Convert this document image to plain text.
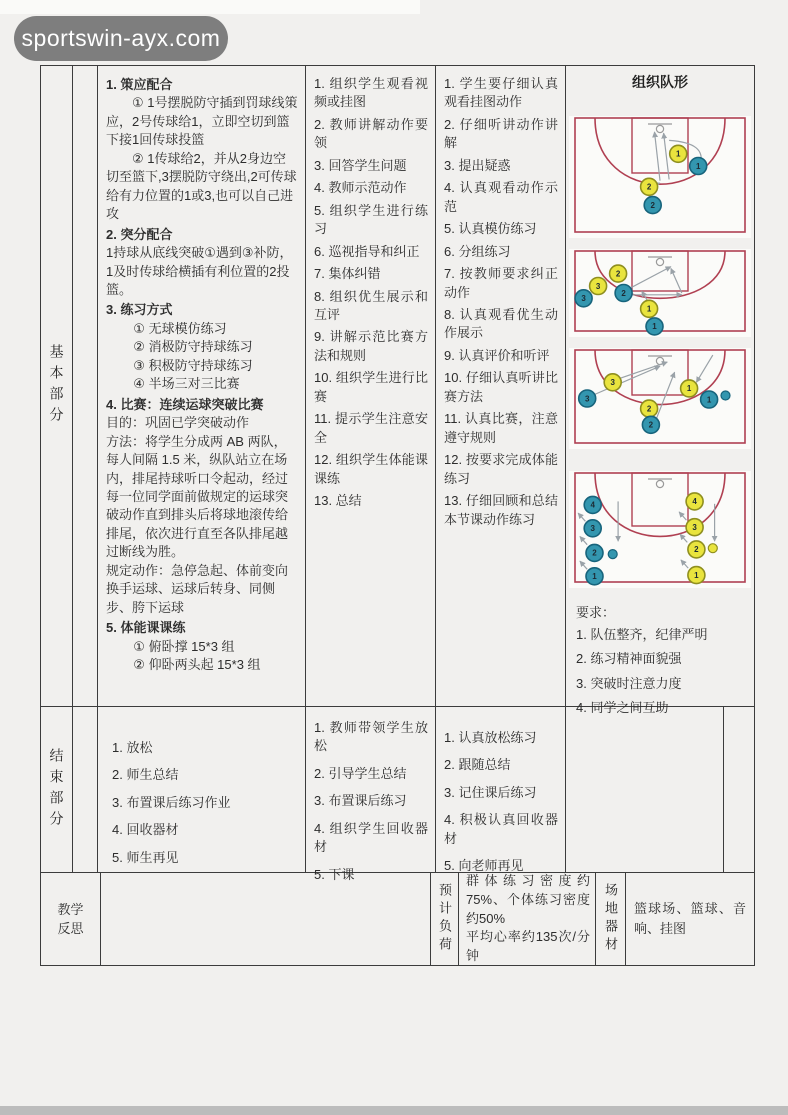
sportswin-ayx.com
基本部分
1. 策应配合
① 1号摆脱防守插到罚球线策应，2号传球给1，立即空切到篮下接1回传球投篮
② 1传球给2，并从2身边空切至篮下,3摆脱防守绕出,2可传球给有力位置的1或3,也可以自己进攻
2. 突分配合
1持球从底线突破①遇到③补防，1及时传球给横插有利位置的2投篮。
3. 练习方式
① 无球模仿练习
② 消极防守持球练习
③ 积极防守持球练习
④ 半场三对三比赛
4. 比赛：连续运球突破比赛
目的：巩固已学突破动作
方法：将学生分成两 AB 两队，每人间隔 1.5 米，纵队站立在场内，排尾持球听口令起动，经过每一位同学面前做规定的运球突破动作直到排头后将球地滚传给排尾，依次进行直至各队排尾越过断线为胜。
规定动作：急停急起、体前变向换手运球、运球后转身、同侧步、胯下运球
5. 体能课课练
① 俯卧撑 15*3 组
② 仰卧两头起 15*3 组
1. 组织学生观看视频或挂图
2. 教师讲解动作要领
3. 回答学生问题
4. 教师示范动作
5. 组织学生进行练习
6. 巡视指导和纠正
7. 集体纠错
8. 组织优生展示和互评
9. 讲解示范比赛方法和规则
10. 组织学生进行比赛
11. 提示学生注意安全
12. 组织学生体能课课练
13. 总结
1. 学生要仔细认真观看挂图动作
2. 仔细听讲动作讲解
3. 提出疑惑
4. 认真观看动作示范
5. 认真模仿练习
6. 分组练习
7. 按教师要求纠正动作
8. 认真观看优生动作展示
9. 认真评价和听评
10. 仔细认真听讲比赛方法
11. 认真比赛，注意遵守规则
12. 按要求完成体能练习
13. 仔细回顾和总结本节课动作练习
组织队形
1
1
2
2
2
3
2
3
1
1
3
3
2
2
1
1
4
3
2
1
4
3
2
1
要求：
1. 队伍整齐，纪律严明
2. 练习精神面貌强
3. 突破时注意力度
4. 同学之间互助
结束部分	1. 放松
2. 师生总结
3. 布置课后练习作业
4. 回收器材
5. 师生再见
1. 教师带领学生放松
2. 引导学生总结
3. 布置课后练习
4. 组织学生回收器材
5. 下课
1. 认真放松练习
2. 跟随总结
3. 记住课后练习
4. 积极认真回收器材
5. 向老师再见
教学反思	预计负荷
群体练习密度约75%、个体练习密度约50%
平均心率约135次/分钟
场地器材 篮球场、篮球、音响、挂图
